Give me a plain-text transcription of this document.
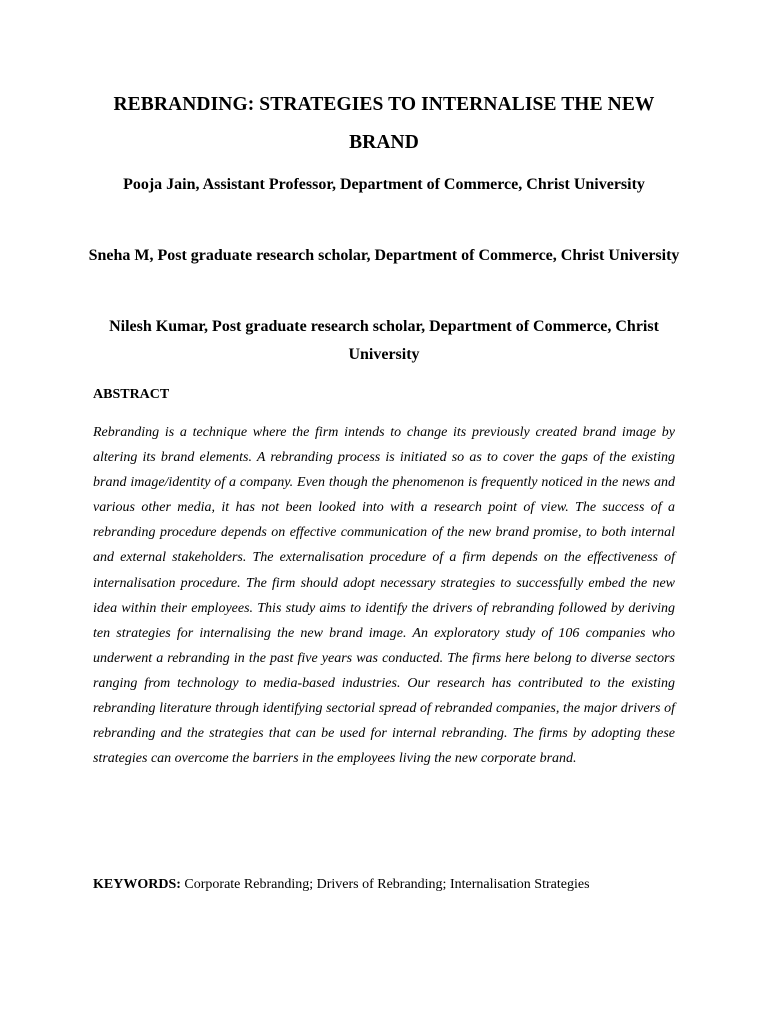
REBRANDING: STRATEGIES TO INTERNALISE THE NEW BRAND

Pooja Jain, Assistant Professor, Department of Commerce, Christ University

Sneha M, Post graduate research scholar, Department of Commerce, Christ University

Nilesh Kumar, Post graduate research scholar, Department of Commerce, Christ University

ABSTRACT

Rebranding is a technique where the firm intends to change its previously created brand image by altering its brand elements. A rebranding process is initiated so as to cover the gaps of the existing brand image/identity of a company. Even though the phenomenon is frequently noticed in the news and various other media, it has not been looked into with a research point of view. The success of a rebranding procedure depends on effective communication of the new brand promise, to both internal and external stakeholders. The externalisation procedure of a firm depends on the effectiveness of internalisation procedure. The firm should adopt necessary strategies to successfully embed the new idea within their employees. This study aims to identify the drivers of rebranding followed by deriving ten strategies for internalising the new brand image. An exploratory study of 106 companies who underwent a rebranding in the past five years was conducted. The firms here belong to diverse sectors ranging from technology to media-based industries. Our research has contributed to the existing rebranding literature through identifying sectorial spread of rebranded companies, the major drivers of rebranding and the strategies that can be used for internal rebranding. The firms by adopting these strategies can overcome the barriers in the employees living the new corporate brand.

KEYWORDS: Corporate Rebranding; Drivers of Rebranding; Internalisation Strategies
